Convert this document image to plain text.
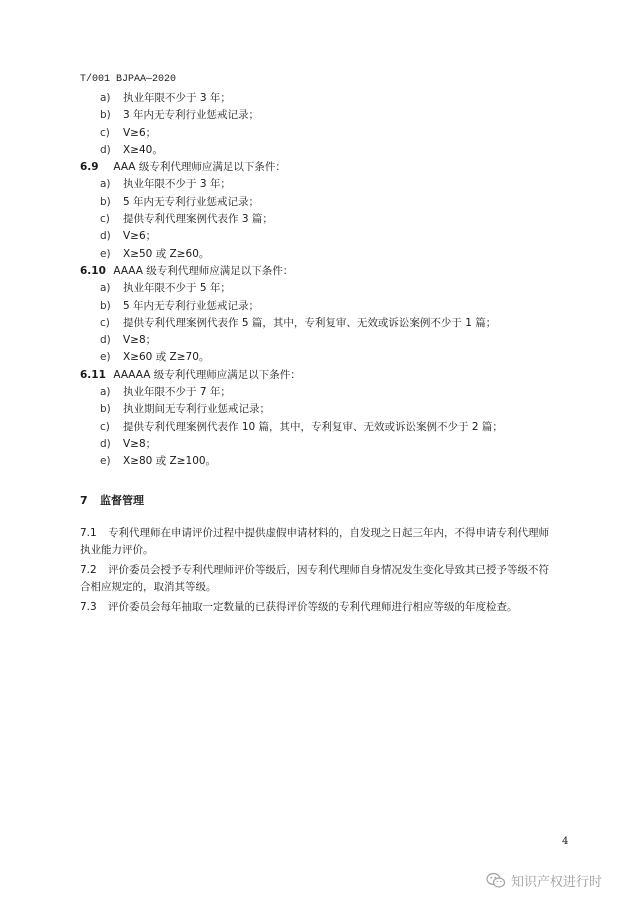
T/001 BJPAA—2020
a) 执业年限不少于 3 年；
b) 3 年内无专利行业惩戒记录；
c) V≥6；
d) X≥40。
6.9 AAA 级专利代理师应满足以下条件：
a) 执业年限不少于 3 年；
b) 5 年内无专利行业惩戒记录；
c) 提供专利代理案例代表作 3 篇；
d) V≥6；
e) X≥50 或 Z≥60。
6.10 AAAA 级专利代理师应满足以下条件：
a) 执业年限不少于 5 年；
b) 5 年内无专利行业惩戒记录；
c) 提供专利代理案例代表作 5 篇，其中，专利复审、无效或诉讼案例不少于 1 篇；
d) V≥8；
e) X≥60 或 Z≥70。
6.11 AAAAA 级专利代理师应满足以下条件：
a) 执业年限不少于 7 年；
b) 执业期间无专利行业惩戒记录；
c) 提供专利代理案例代表作 10 篇，其中，专利复审、无效或诉讼案例不少于 2 篇；
d) V≥8；
e) X≥80 或 Z≥100。
7 监督管理
7.1 专利代理师在申请评价过程中提供虚假申请材料的，自发现之日起三年内，不得申请专利代理师
执业能力评价。
7.2 评价委员会授予专利代理师评价等级后，因专利代理师自身情况发生变化导致其已授予等级不符
合相应规定的，取消其等级。
7.3 评价委员会每年抽取一定数量的已获得评价等级的专利代理师进行相应等级的年度检查。
4
知识产权进行时
